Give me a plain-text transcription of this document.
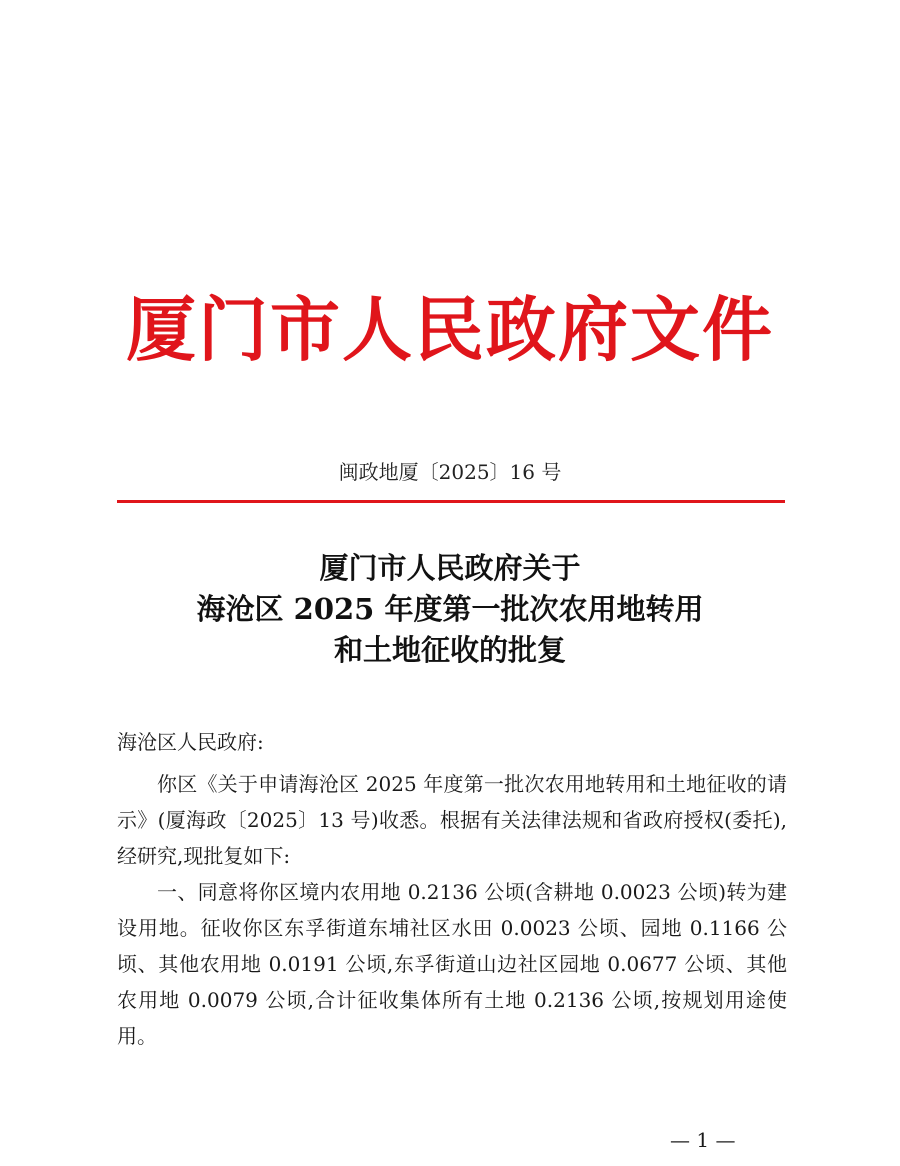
厦门市人民政府文件
闽政地厦〔2025〕16 号
厦门市人民政府关于
海沧区 2025 年度第一批次农用地转用
和土地征收的批复
海沧区人民政府:

你区《关于申请海沧区 2025 年度第一批次农用地转用和土地征收的请示》(厦海政〔2025〕13 号)收悉。根据有关法律法规和省政府授权(委托),经研究,现批复如下:

一、同意将你区境内农用地 0.2136 公顷(含耕地 0.0023 公顷)转为建设用地。征收你区东孚街道东埔社区水田 0.0023 公顷、园地 0.1166 公顷、其他农用地 0.0191 公顷,东孚街道山边社区园地 0.0677 公顷、其他农用地 0.0079 公顷,合计征收集体所有土地 0.2136 公顷,按规划用途使用。

— 1 —
